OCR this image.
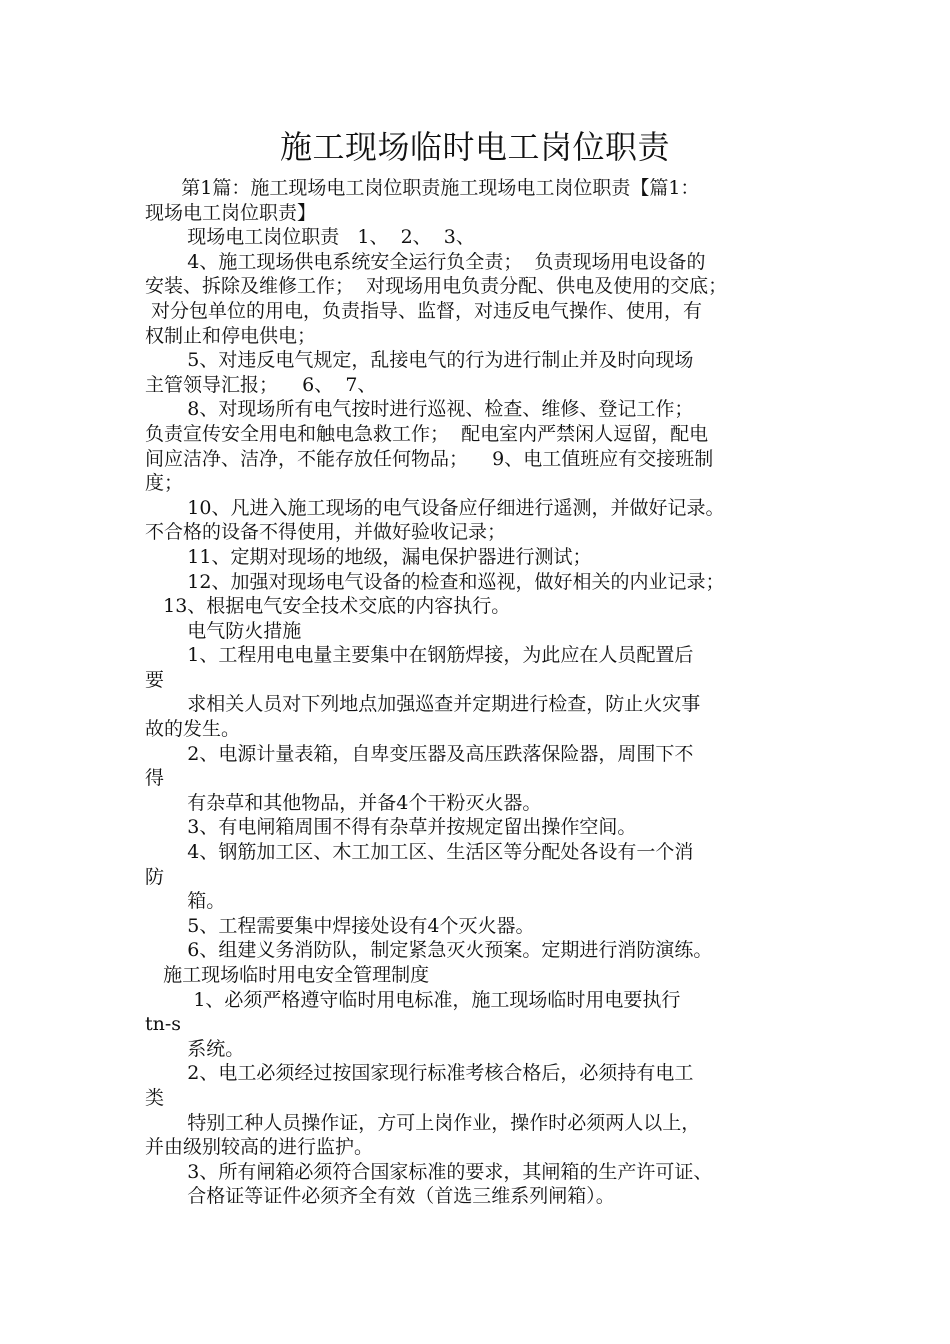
施工现场临时电工岗位职责
第1篇：施工现场电工岗位职责施工现场电工岗位职责【篇1：
现场电工岗位职责】
现场电工岗位职责   1、  2、  3、
4、施工现场供电系统安全运行负全责；  负责现场用电设备的
安装、拆除及维修工作；  对现场用电负责分配、供电及使用的交底；
对分包单位的用电，负责指导、监督，对违反电气操作、使用，有
权制止和停电供电；
5、对违反电气规定，乱接电气的行为进行制止并及时向现场
主管领导汇报；    6、  7、
8、对现场所有电气按时进行巡视、检查、维修、登记工作；
负责宣传安全用电和触电急救工作；  配电室内严禁闲人逗留，配电
间应洁净、洁净，不能存放任何物品；    9、电工值班应有交接班制
度；
10、凡进入施工现场的电气设备应仔细进行遥测，并做好记录。
不合格的设备不得使用，并做好验收记录；
11、定期对现场的地级，漏电保护器进行测试；
12、加强对现场电气设备的检查和巡视，做好相关的内业记录；
13、根据电气安全技术交底的内容执行。
电气防火措施
1、工程用电电量主要集中在钢筋焊接，为此应在人员配置后
要
求相关人员对下列地点加强巡查并定期进行检查，防止火灾事
故的发生。
2、电源计量表箱，自卑变压器及高压跌落保险器，周围下不
得
有杂草和其他物品，并备4个干粉灭火器。
3、有电闸箱周围不得有杂草并按规定留出操作空间。
4、钢筋加工区、木工加工区、生活区等分配处各设有一个消
防
箱。
5、工程需要集中焊接处设有4个灭火器。
6、组建义务消防队，制定紧急灭火预案。定期进行消防演练。
施工现场临时用电安全管理制度
1、必须严格遵守临时用电标准，施工现场临时用电要执行
tn-s
系统。
2、电工必须经过按国家现行标准考核合格后，必须持有电工
类
特别工种人员操作证，方可上岗作业，操作时必须两人以上，
并由级别较高的进行监护。
3、所有闸箱必须符合国家标准的要求，其闸箱的生产许可证、
合格证等证件必须齐全有效（首选三维系列闸箱）。
